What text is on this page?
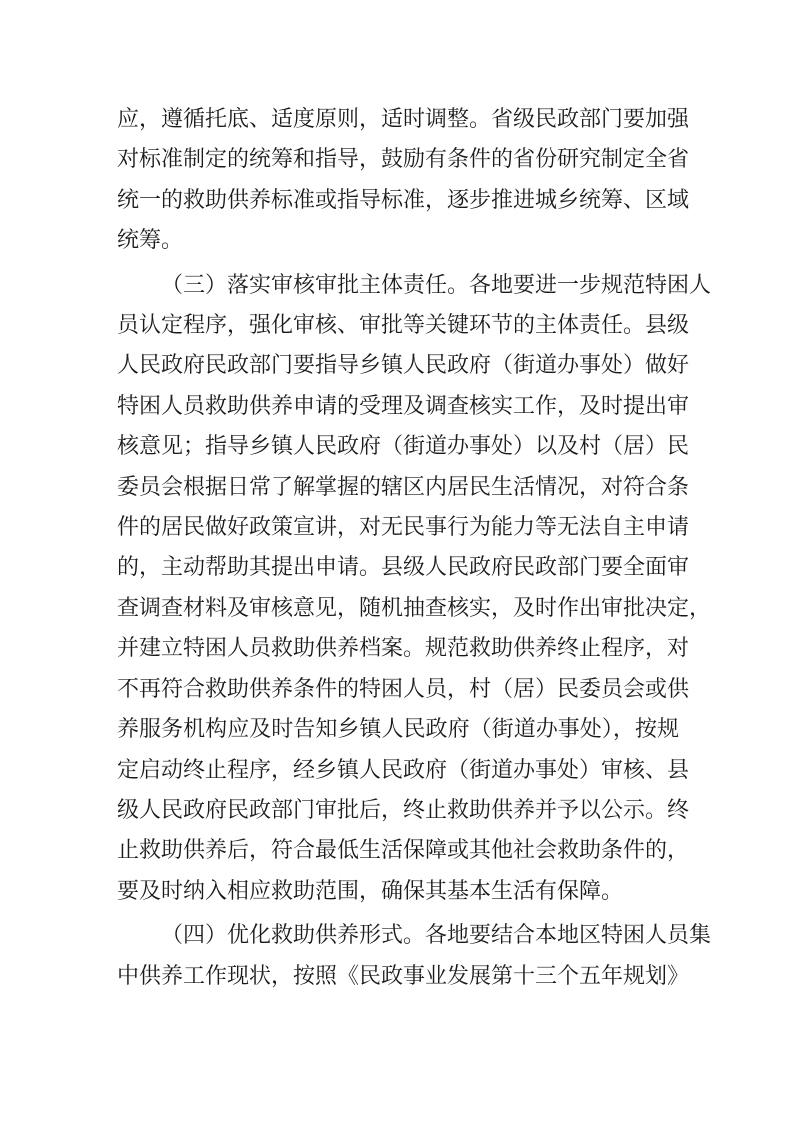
应，遵循托底、适度原则，适时调整。省级民政部门要加强
对标准制定的统筹和指导，鼓励有条件的省份研究制定全省
统一的救助供养标准或指导标准，逐步推进城乡统筹、区域
统筹。
（三）落实审核审批主体责任。各地要进一步规范特困人
员认定程序，强化审核、审批等关键环节的主体责任。县级
人民政府民政部门要指导乡镇人民政府（街道办事处）做好
特困人员救助供养申请的受理及调查核实工作，及时提出审
核意见；指导乡镇人民政府（街道办事处）以及村（居）民
委员会根据日常了解掌握的辖区内居民生活情况，对符合条
件的居民做好政策宣讲，对无民事行为能力等无法自主申请
的，主动帮助其提出申请。县级人民政府民政部门要全面审
查调查材料及审核意见，随机抽查核实，及时作出审批决定，
并建立特困人员救助供养档案。规范救助供养终止程序，对
不再符合救助供养条件的特困人员，村（居）民委员会或供
养服务机构应及时告知乡镇人民政府（街道办事处），按规
定启动终止程序，经乡镇人民政府（街道办事处）审核、县
级人民政府民政部门审批后，终止救助供养并予以公示。终
止救助供养后，符合最低生活保障或其他社会救助条件的，
要及时纳入相应救助范围，确保其基本生活有保障。
（四）优化救助供养形式。各地要结合本地区特困人员集
中供养工作现状，按照《民政事业发展第十三个五年规划》
